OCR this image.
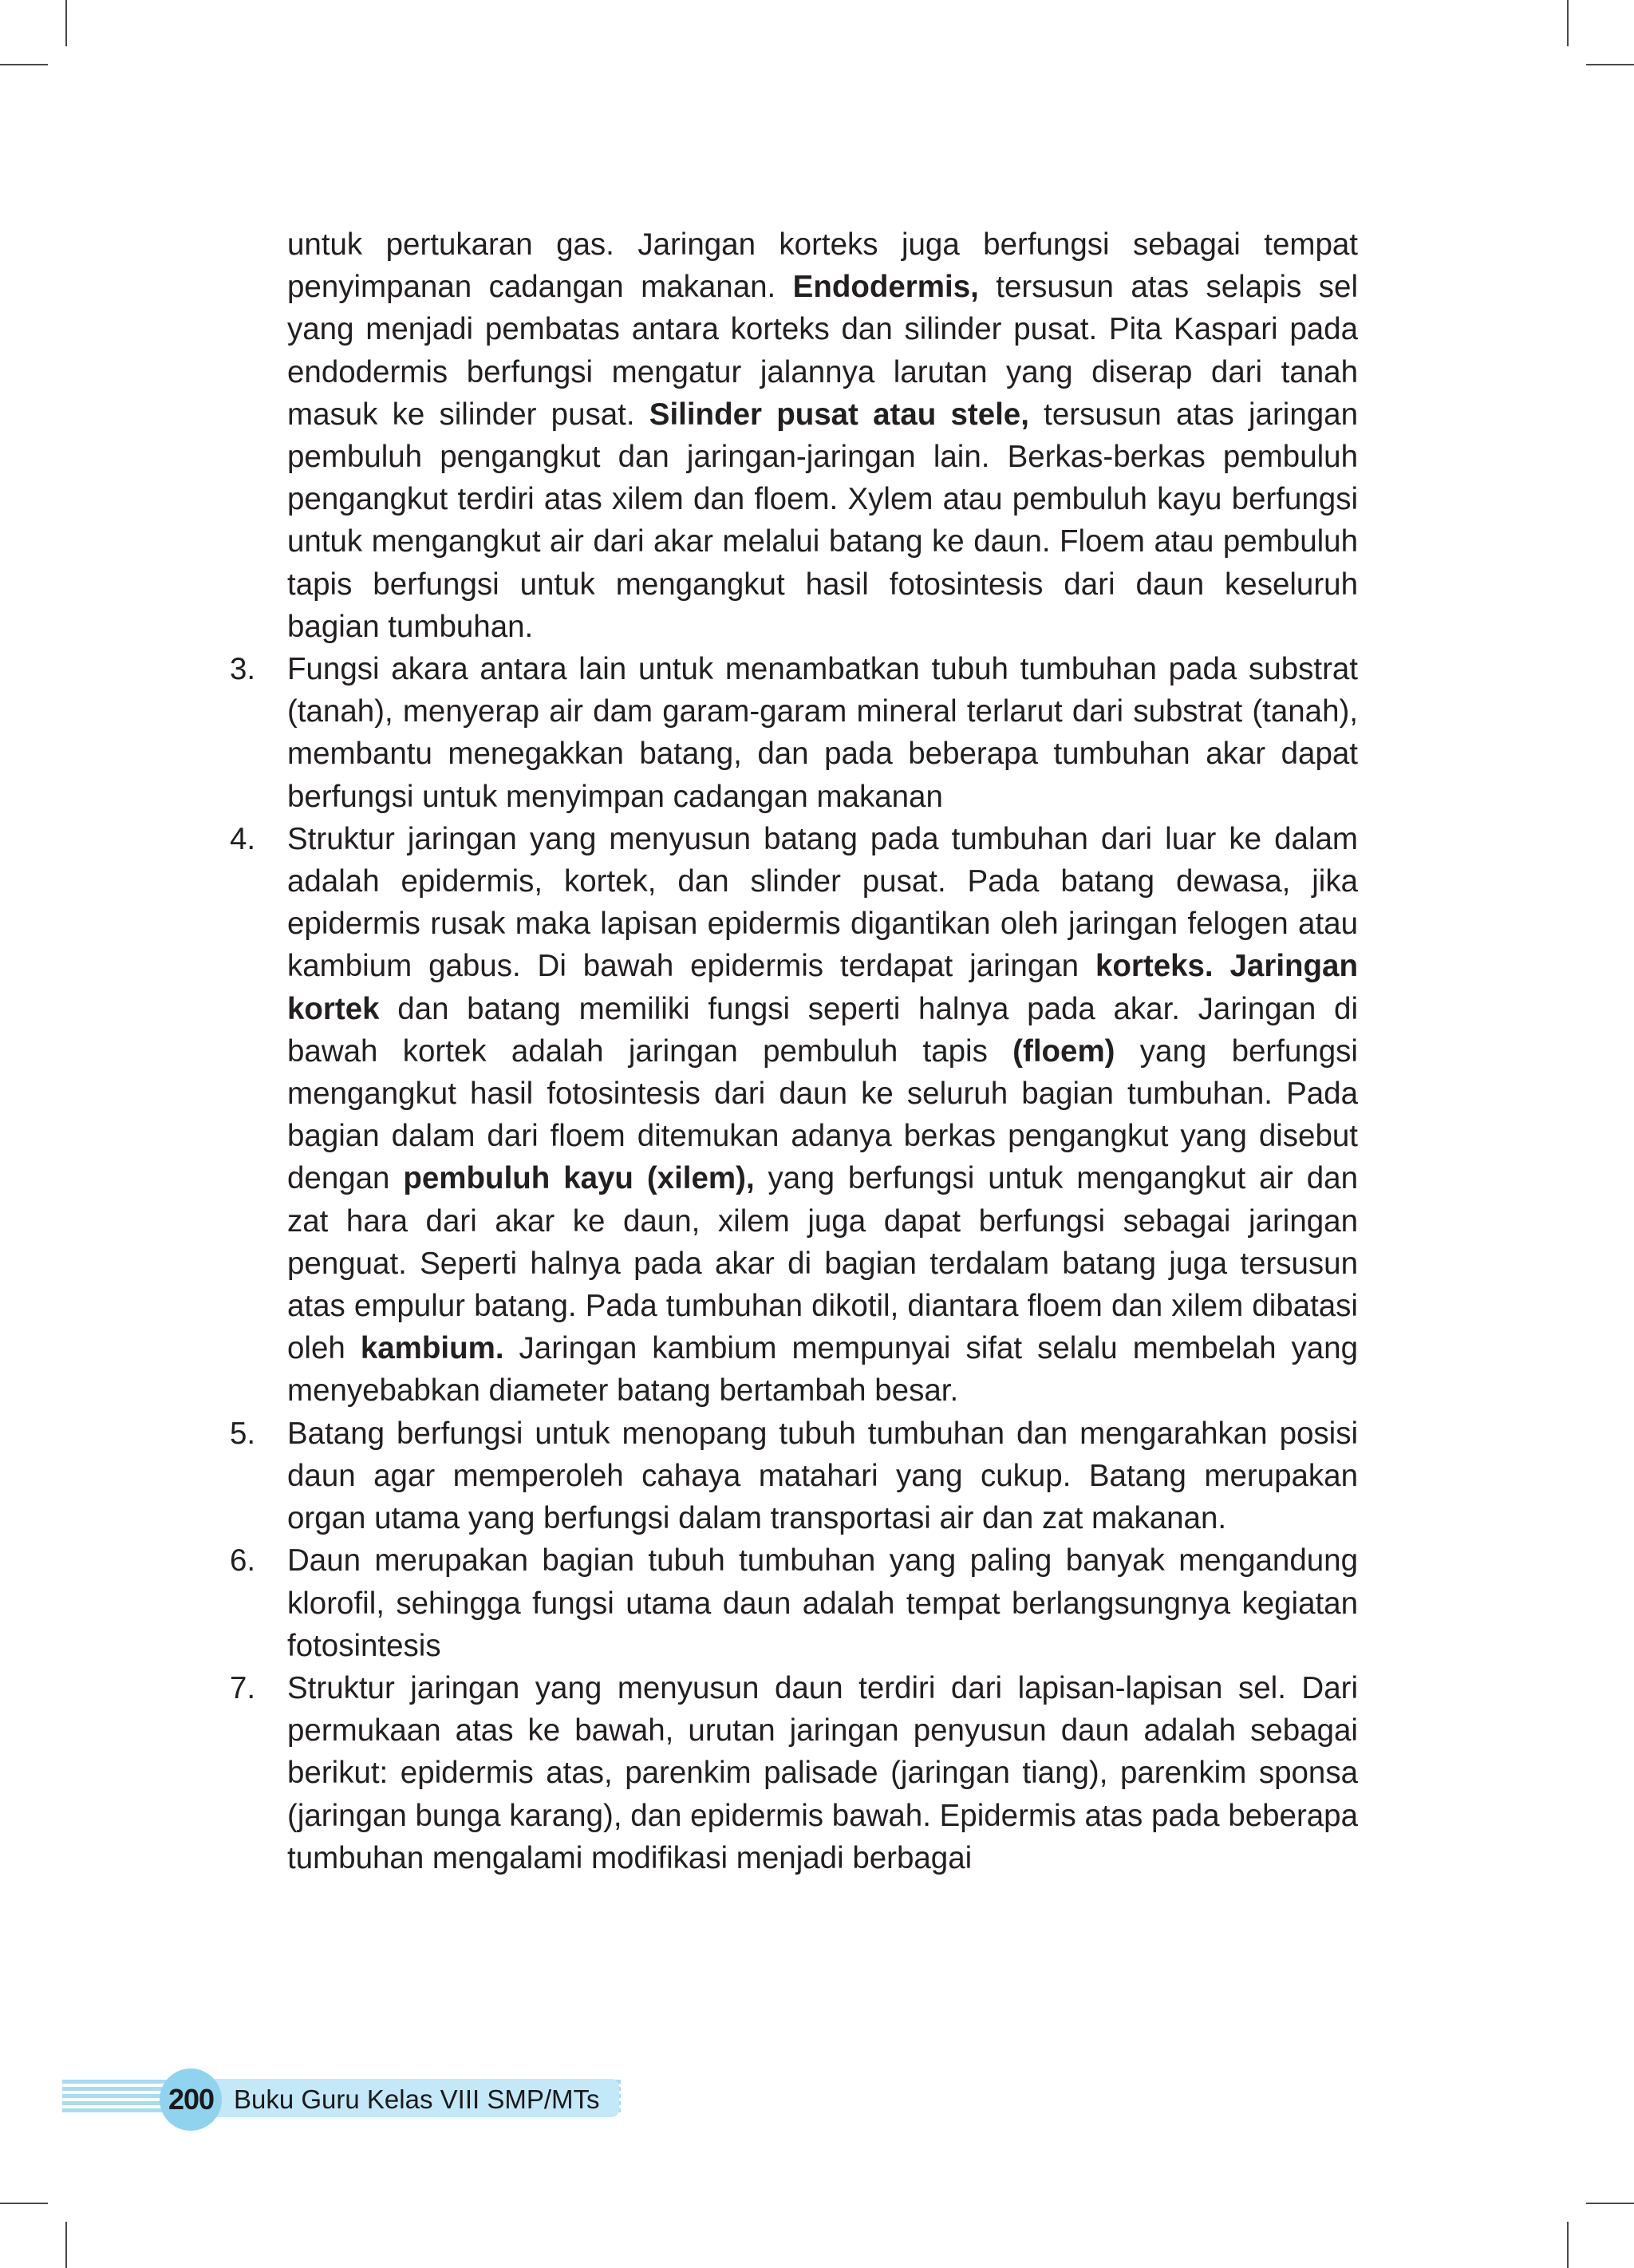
untuk pertukaran gas. Jaringan korteks juga berfungsi sebagai tempat penyimpanan cadangan makanan. Endodermis, tersusun atas selapis sel yang menjadi pembatas antara korteks dan silinder pusat. Pita Kaspari pada endodermis berfungsi mengatur jalannya larutan yang diserap dari tanah masuk ke silinder pusat. Silinder pusat atau stele, tersusun atas jaringan pembuluh pengangkut dan jaringan-jaringan lain. Berkas-berkas pembuluh pengangkut terdiri atas xilem dan floem. Xylem atau pembuluh kayu berfungsi untuk mengangkut air dari akar melalui batang ke daun. Floem atau pembuluh tapis berfungsi untuk mengangkut hasil fotosintesis dari daun keseluruh bagian tumbuhan.

3.	Fungsi akara antara lain untuk menambatkan tubuh tumbuhan pada substrat (tanah), menyerap air dam garam-garam mineral terlarut dari substrat (tanah), membantu menegakkan batang, dan pada beberapa tumbuhan akar dapat berfungsi untuk menyimpan cadangan makanan
4.	Struktur jaringan yang menyusun batang pada tumbuhan dari luar ke dalam adalah epidermis, kortek, dan slinder pusat. Pada batang dewasa, jika epidermis rusak maka lapisan epidermis digantikan oleh jaringan felogen atau kambium gabus. Di bawah epidermis terdapat jaringan korteks. Jaringan kortek dan batang memiliki fungsi seperti halnya pada akar. Jaringan di bawah kortek adalah jaringan pembuluh tapis (floem) yang berfungsi mengangkut hasil fotosintesis dari daun ke seluruh bagian tumbuhan. Pada bagian dalam dari floem ditemukan adanya berkas pengangkut yang disebut dengan pembuluh kayu (xilem), yang berfungsi untuk mengangkut air dan zat hara dari akar ke daun, xilem juga dapat berfungsi sebagai jaringan penguat. Seperti halnya pada akar di bagian terdalam batang juga tersusun atas empulur batang. Pada tumbuhan dikotil, diantara floem dan xilem dibatasi oleh kambium. Jaringan kambium mempunyai sifat selalu membelah yang menyebabkan diameter batang bertambah besar.
5.	Batang berfungsi untuk menopang tubuh tumbuhan dan mengarahkan posisi daun agar memperoleh cahaya matahari yang cukup. Batang merupakan organ utama yang berfungsi dalam transportasi air dan zat makanan.
6.	Daun merupakan bagian tubuh tumbuhan yang paling banyak mengandung klorofil, sehingga fungsi utama daun adalah tempat berlangsungnya kegiatan fotosintesis
7.	Struktur jaringan yang menyusun daun terdiri dari lapisan-lapisan sel. Dari permukaan atas ke bawah, urutan jaringan penyusun daun adalah sebagai berikut: epidermis atas, parenkim palisade (jaringan tiang), parenkim sponsa (jaringan bunga karang), dan epidermis bawah. Epidermis atas pada beberapa tumbuhan mengalami modifikasi menjadi berbagai
200 Buku Guru Kelas VIII SMP/MTs
